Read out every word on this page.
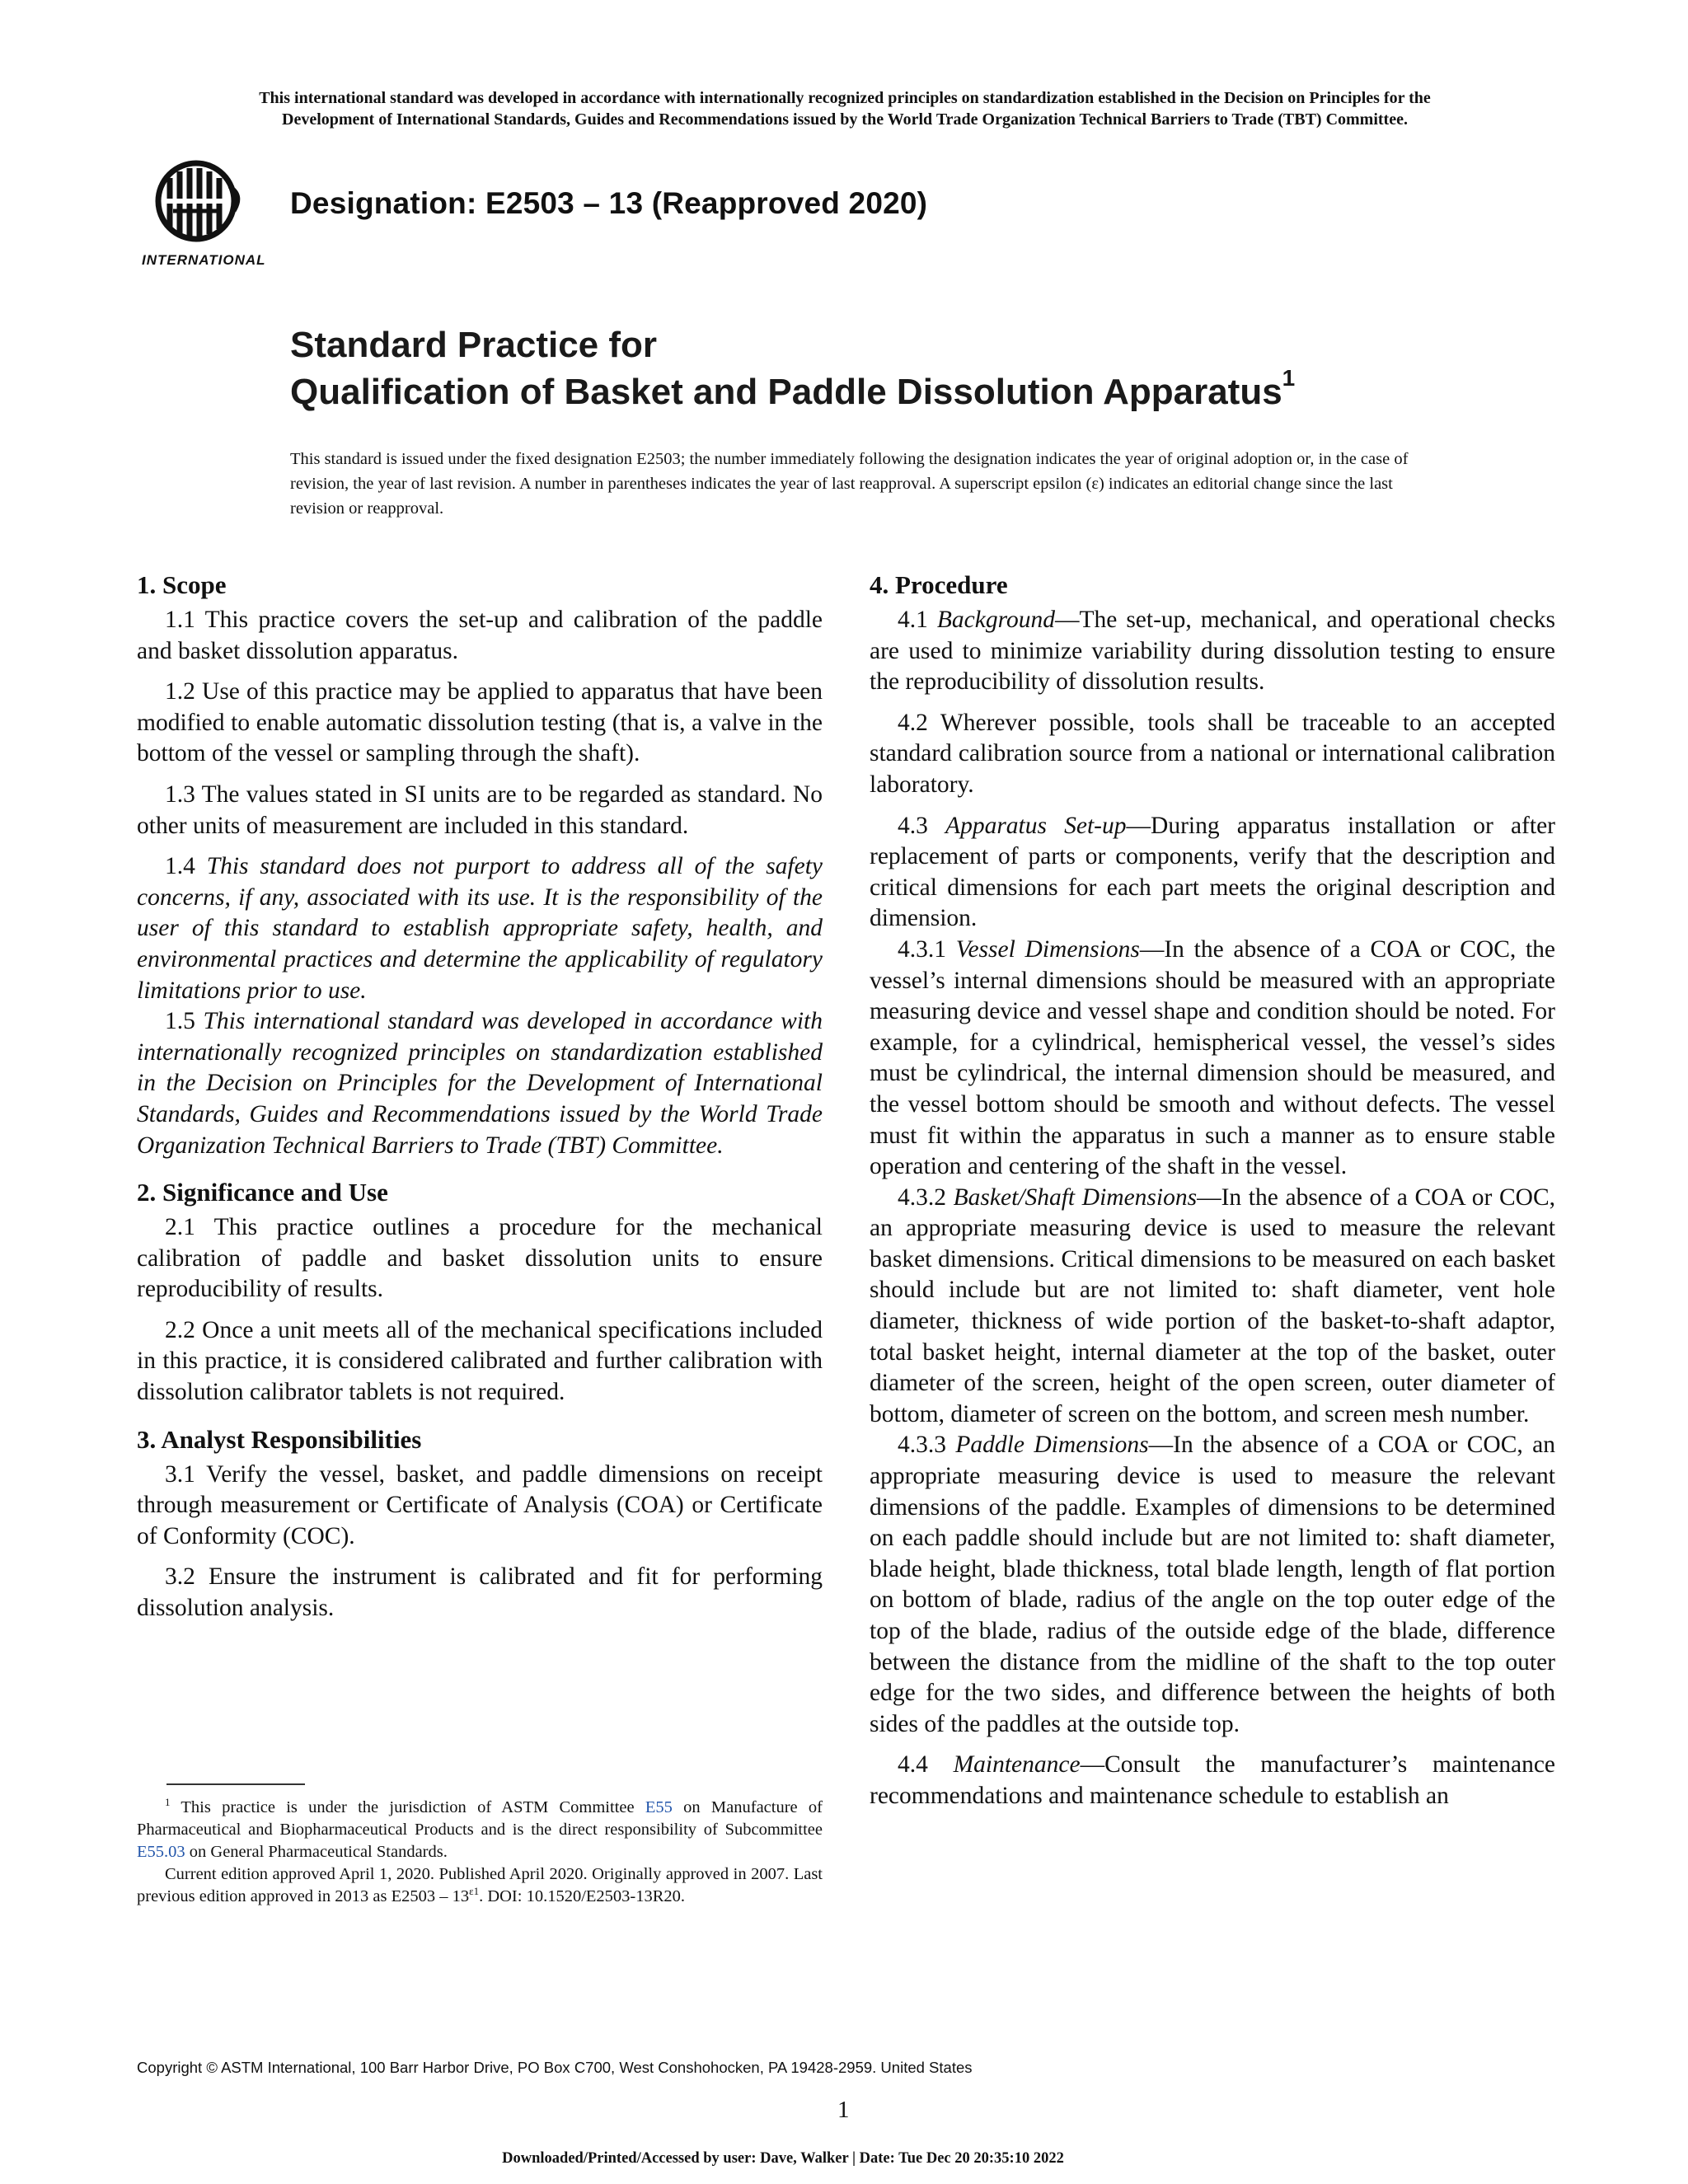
This international standard was developed in accordance with internationally recognized principles on standardization established in the Decision on Principles for the

Development of International Standards, Guides and Recommendations issued by the World Trade Organization Technical Barriers to Trade (TBT) Committee.

INTERNATIONAL
Designation: E2503 – 13 (Reapproved 2020)
Standard Practice for
Qualification of Basket and Paddle Dissolution Apparatus$^1$
This standard is issued under the fixed designation E2503; the number immediately following the designation indicates the year of original adoption or, in the case of revision, the year of last revision. A number in parentheses indicates the year of last reapproval. A superscript epsilon (ε) indicates an editorial change since the last revision or reapproval.
1. Scope

1.1 This practice covers the set-up and calibration of the paddle and basket dissolution apparatus.

1.2 Use of this practice may be applied to apparatus that have been modified to enable automatic dissolution testing (that is, a valve in the bottom of the vessel or sampling through the shaft).

1.3 The values stated in SI units are to be regarded as standard. No other units of measurement are included in this standard.

1.4 This standard does not purport to address all of the safety concerns, if any, associated with its use. It is the responsibility of the user of this standard to establish appropriate safety, health, and environmental practices and determine the applicability of regulatory limitations prior to use.

1.5 This international standard was developed in accordance with internationally recognized principles on standardization established in the Decision on Principles for the Development of International Standards, Guides and Recommendations issued by the World Trade Organization Technical Barriers to Trade (TBT) Committee.

2. Significance and Use

2.1 This practice outlines a procedure for the mechanical calibration of paddle and basket dissolution units to ensure reproducibility of results.

2.2 Once a unit meets all of the mechanical specifications included in this practice, it is considered calibrated and further calibration with dissolution calibrator tablets is not required.

3. Analyst Responsibilities

3.1 Verify the vessel, basket, and paddle dimensions on receipt through measurement or Certificate of Analysis (COA) or Certificate of Conformity (COC).

3.2 Ensure the instrument is calibrated and fit for performing dissolution analysis.

4. Procedure

4.1 Background—The set-up, mechanical, and operational checks are used to minimize variability during dissolution testing to ensure the reproducibility of dissolution results.

4.2 Wherever possible, tools shall be traceable to an accepted standard calibration source from a national or international calibration laboratory.

4.3 Apparatus Set-up—During apparatus installation or after replacement of parts or components, verify that the description and critical dimensions for each part meets the original description and dimension.

4.3.1 Vessel Dimensions—In the absence of a COA or COC, the vessel’s internal dimensions should be measured with an appropriate measuring device and vessel shape and condition should be noted. For example, for a cylindrical, hemispherical vessel, the vessel’s sides must be cylindrical, the internal dimension should be measured, and the vessel bottom should be smooth and without defects. The vessel must fit within the apparatus in such a manner as to ensure stable operation and centering of the shaft in the vessel.

4.3.2 Basket/Shaft Dimensions—In the absence of a COA or COC, an appropriate measuring device is used to measure the relevant basket dimensions. Critical dimensions to be measured on each basket should include but are not limited to: shaft diameter, vent hole diameter, thickness of wide portion of the basket-to-shaft adaptor, total basket height, internal diameter at the top of the basket, outer diameter of the screen, height of the open screen, outer diameter of bottom, diameter of screen on the bottom, and screen mesh number.

4.3.3 Paddle Dimensions—In the absence of a COA or COC, an appropriate measuring device is used to measure the relevant dimensions of the paddle. Examples of dimensions to be determined on each paddle should include but are not limited to: shaft diameter, blade height, blade thickness, total blade length, length of flat portion on bottom of blade, radius of the angle on the top outer edge of the top of the blade, radius of the outside edge of the blade, difference between the distance from the midline of the shaft to the top outer edge for the two sides, and difference between the heights of both sides of the paddles at the outside top.

4.4 Maintenance—Consult the manufacturer’s maintenance recommendations and maintenance schedule to establish an

$^1$ This practice is under the jurisdiction of ASTM Committee E55 on Manufacture of Pharmaceutical and Biopharmaceutical Products and is the direct responsibility of Subcommittee E55.03 on General Pharmaceutical Standards.

Current edition approved April 1, 2020. Published April 2020. Originally approved in 2007. Last previous edition approved in 2013 as $E2503 - 13^{\varepsilon 1}$. DOI: 10.1520/E2503-13R20.

Copyright © ASTM International, 100 Barr Harbor Drive, PO Box C700, West Conshohocken, PA 19428-2959. United States
1
Downloaded/Printed/Accessed by user: Dave, Walker | Date: Tue Dec 20 20:35:10 2022
